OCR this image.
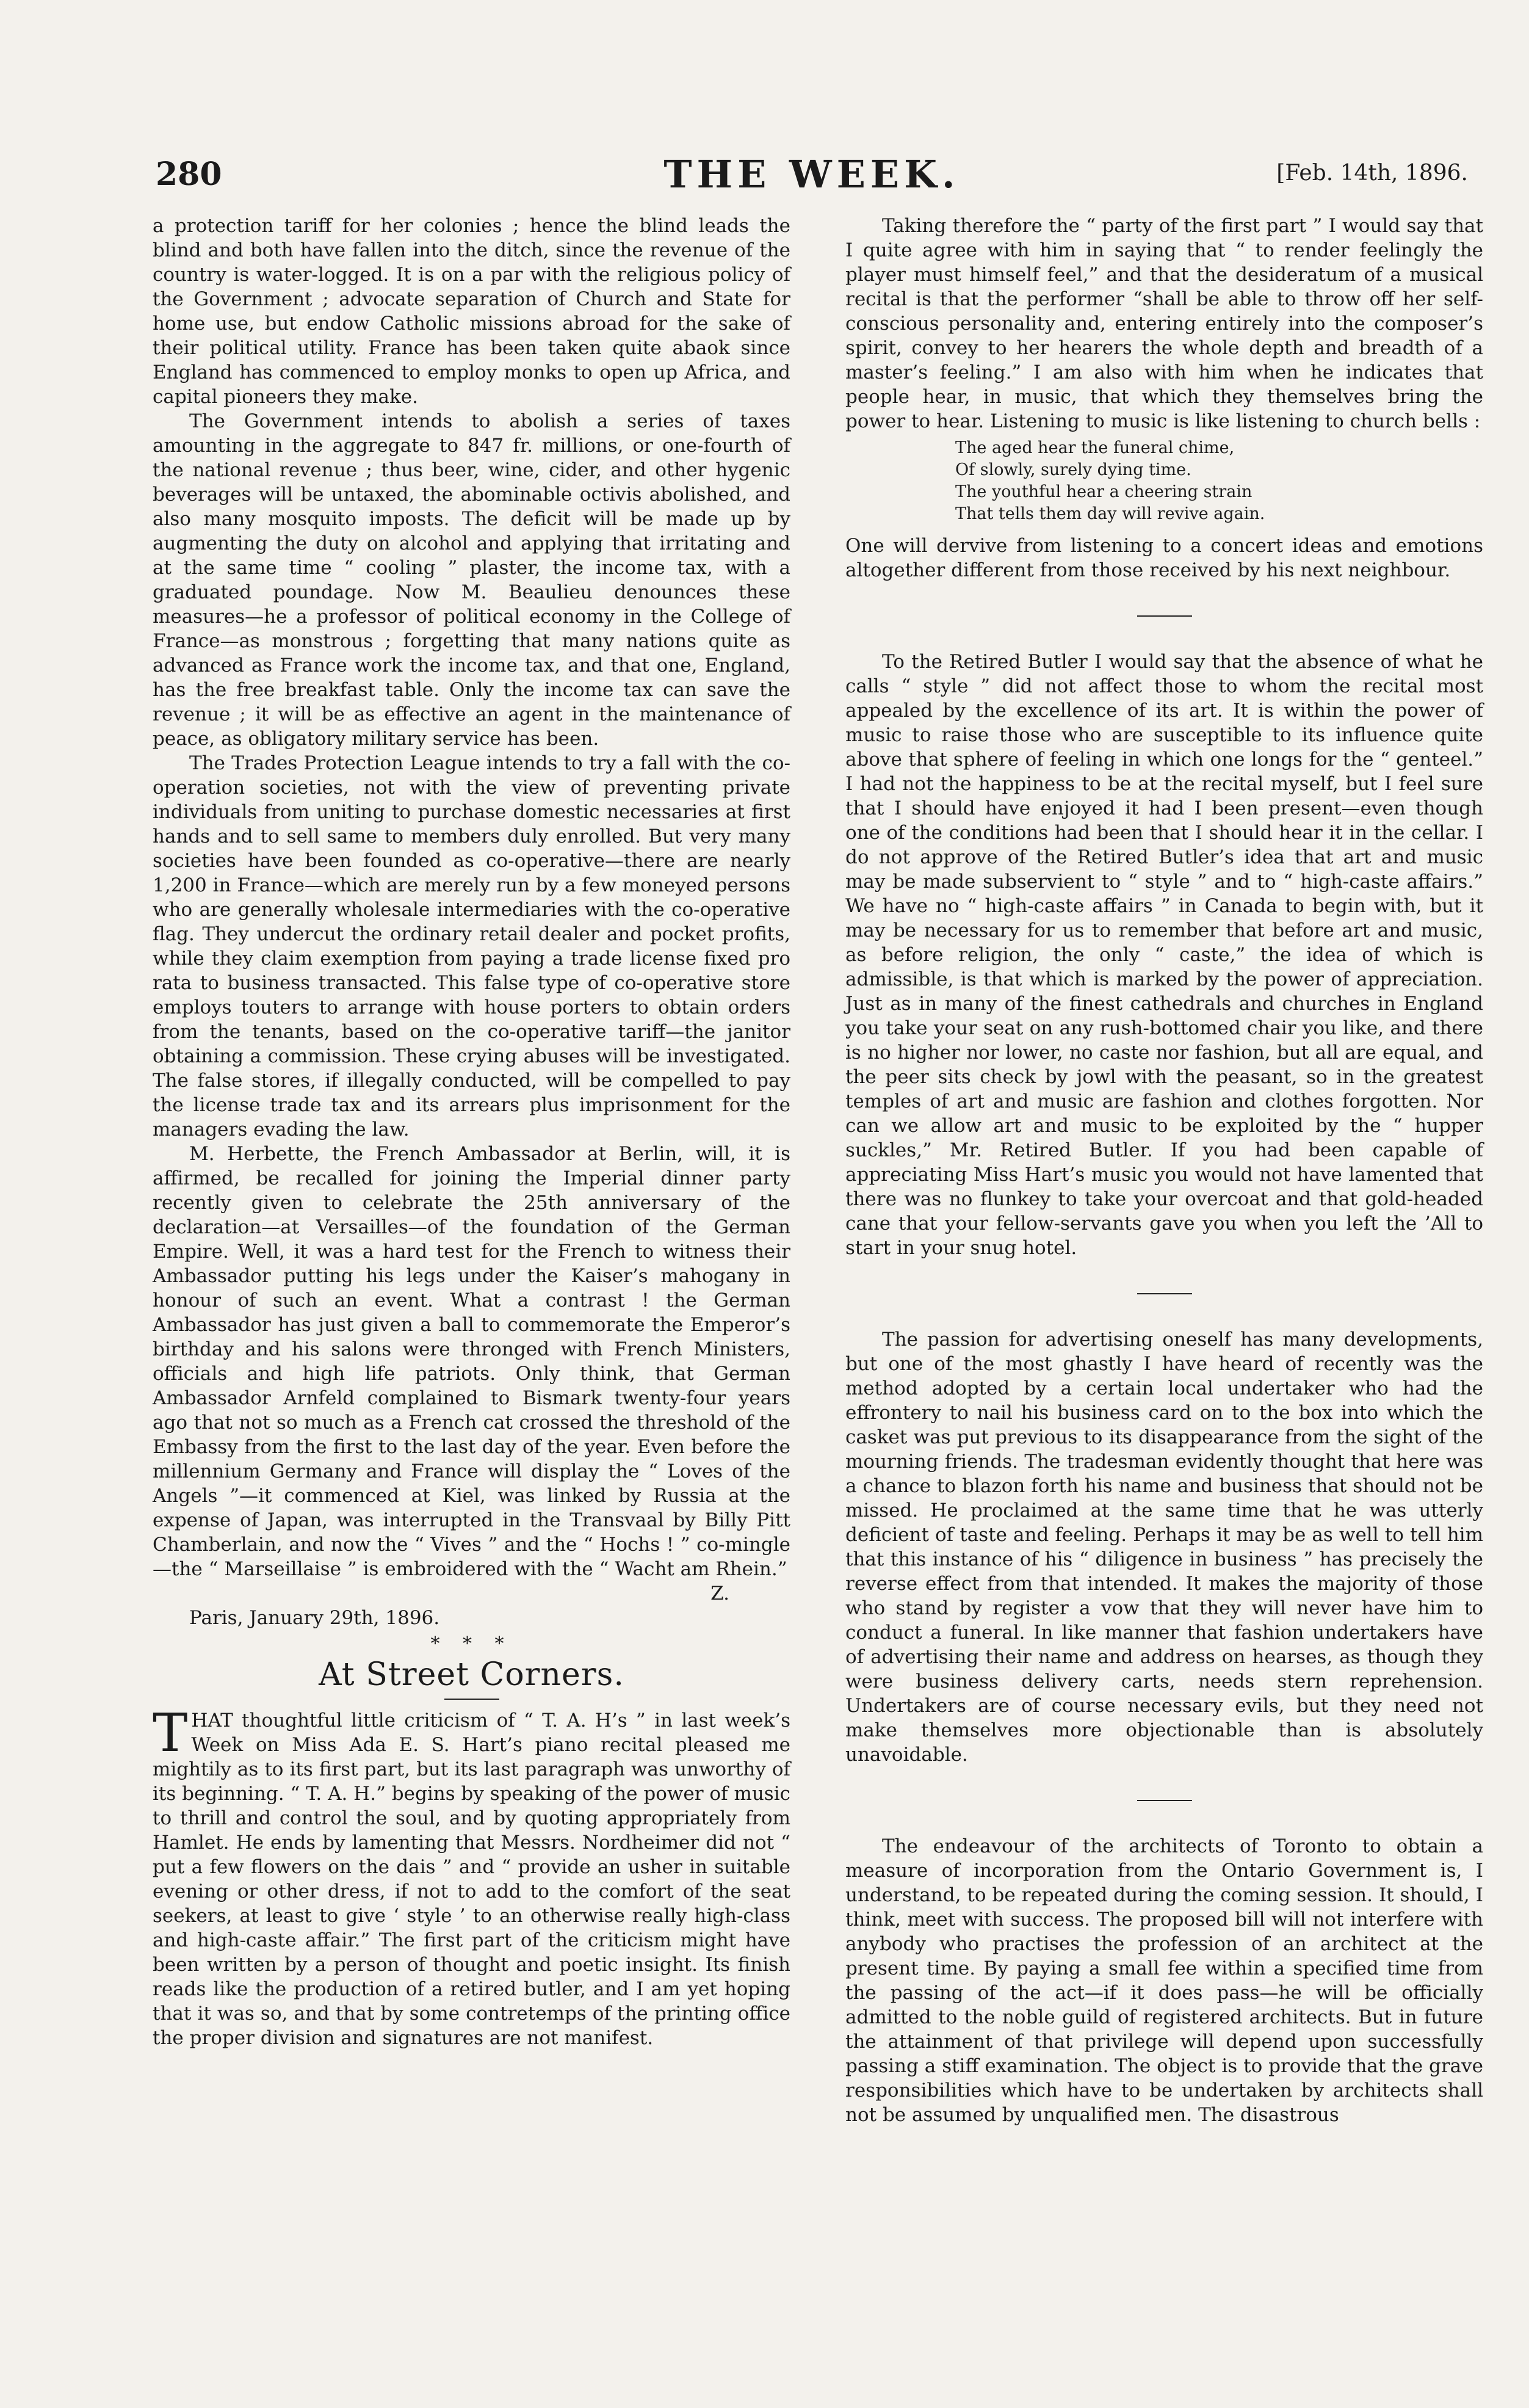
280	THE WEEK.	[Feb. 14th, 1896.

a protection tariff for her colonies ; hence the blind leads the blind and both have fallen into the ditch, since the revenue of the country is water-logged. It is on a par with the religious policy of the Government ; advocate separation of Church and State for home use, but endow Catholic missions abroad for the sake of their political utility. France has been taken quite abaok since England has commenced to employ monks to open up Africa, and capital pioneers they make.

The Government intends to abolish a series of taxes amounting in the aggregate to 847 fr. millions, or one-fourth of the national revenue ; thus beer, wine, cider, and other hygenic beverages will be untaxed, the abominable octivis abolished, and also many mosquito imposts. The deficit will be made up by augmenting the duty on alcohol and applying that irritating and at the same time “ cooling ” plaster, the income tax, with a graduated poundage. Now M. Beaulieu denounces these measures—he a professor of political economy in the College of France—as monstrous ; forgetting that many nations quite as advanced as France work the income tax, and that one, England, has the free breakfast table. Only the income tax can save the revenue ; it will be as effective an agent in the maintenance of peace, as obligatory military service has been.

The Trades Protection League intends to try a fall with the co-operation societies, not with the view of preventing private individuals from uniting to purchase domestic necessaries at first hands and to sell same to members duly enrolled. But very many societies have been founded as co-operative—there are nearly 1,200 in France—which are merely run by a few moneyed persons who are generally wholesale intermediaries with the co-operative flag. They undercut the ordinary retail dealer and pocket profits, while they claim exemption from paying a trade license fixed pro rata to business transacted. This false type of co-operative store employs touters to arrange with house porters to obtain orders from the tenants, based on the co-operative tariff—the janitor obtaining a commission. These crying abuses will be investigated. The false stores, if illegally conducted, will be compelled to pay the license trade tax and its arrears plus imprisonment for the managers evading the law.

M. Herbette, the French Ambassador at Berlin, will, it is affirmed, be recalled for joining the Imperial dinner party recently given to celebrate the 25th anniversary of the declaration—at Versailles—of the foundation of the German Empire. Well, it was a hard test for the French to witness their Ambassador putting his legs under the Kaiser’s mahogany in honour of such an event. What a contrast ! the German Ambassador has just given a ball to commemorate the Emperor’s birthday and his salons were thronged with French Ministers, officials and high life patriots. Only think, that German Ambassador Arnfeld complained to Bismark twenty-four years ago that not so much as a French cat crossed the threshold of the Embassy from the first to the last day of the year. Even before the millennium Germany and France will display the “ Loves of the Angels ”—it commenced at Kiel, was linked by Russia at the expense of Japan, was interrupted in the Transvaal by Billy Pitt Chamberlain, and now the “ Vives ” and the “ Hochs ! ” co-mingle—the “ Marseillaise ” is embroidered with the “ Wacht am Rhein.”

Z.
Paris, January 29th, 1896.
* * *
At Street Corners.

THAT thoughtful little criticism of “ T. A. H’s ” in last week’s Week on Miss Ada E. S. Hart’s piano recital pleased me mightily as to its first part, but its last paragraph was unworthy of its beginning. “ T. A. H.” begins by speaking of the power of music to thrill and control the soul, and by quoting appropriately from Hamlet. He ends by lamenting that Messrs. Nordheimer did not “ put a few flowers on the dais ” and “ provide an usher in suitable evening or other dress, if not to add to the comfort of the seat seekers, at least to give ‘ style ’ to an otherwise really high-class and high-caste affair.” The first part of the criticism might have been written by a person of thought and poetic insight. Its finish reads like the production of a retired butler, and I am yet hoping that it was so, and that by some contretemps of the printing office the proper division and signatures are not manifest.

Taking therefore the “ party of the first part ” I would say that I quite agree with him in saying that “ to render feelingly the player must himself feel,” and that the desideratum of a musical recital is that the performer “shall be able to throw off her self-conscious personality and, entering entirely into the composer’s spirit, convey to her hearers the whole depth and breadth of a master’s feeling.” I am also with him when he indicates that people hear, in music, that which they themselves bring the power to hear. Listening to music is like listening to church bells :

The aged hear the funeral chime,
Of slowly, surely dying time.
The youthful hear a cheering strain
That tells them day will revive again.

One will dervive from listening to a concert ideas and emotions altogether different from those received by his next neighbour.

To the Retired Butler I would say that the absence of what he calls “ style ” did not affect those to whom the recital most appealed by the excellence of its art. It is within the power of music to raise those who are susceptible to its influence quite above that sphere of feeling in which one longs for the “ genteel.” I had not the happiness to be at the recital myself, but I feel sure that I should have enjoyed it had I been present—even though one of the conditions had been that I should hear it in the cellar. I do not approve of the Retired Butler’s idea that art and music may be made subservient to “ style ” and to “ high-caste affairs.” We have no “ high-caste affairs ” in Canada to begin with, but it may be necessary for us to remember that before art and music, as before religion, the only “ caste,” the idea of which is admissible, is that which is marked by the power of appreciation. Just as in many of the finest cathedrals and churches in England you take your seat on any rush-bottomed chair you like, and there is no higher nor lower, no caste nor fashion, but all are equal, and the peer sits check by jowl with the peasant, so in the greatest temples of art and music are fashion and clothes forgotten. Nor can we allow art and music to be exploited by the “ hupper suckles,” Mr. Retired Butler. If you had been capable of appreciating Miss Hart’s music you would not have lamented that there was no flunkey to take your overcoat and that gold-headed cane that your fellow-servants gave you when you left the ’All to start in your snug hotel.

The passion for advertising oneself has many developments, but one of the most ghastly I have heard of recently was the method adopted by a certain local undertaker who had the effrontery to nail his business card on to the box into which the casket was put previous to its disappearance from the sight of the mourning friends. The tradesman evidently thought that here was a chance to blazon forth his name and business that should not be missed. He proclaimed at the same time that he was utterly deficient of taste and feeling. Perhaps it may be as well to tell him that this instance of his “ diligence in business ” has precisely the reverse effect from that intended. It makes the majority of those who stand by register a vow that they will never have him to conduct a funeral. In like manner that fashion undertakers have of advertising their name and address on hearses, as though they were business delivery carts, needs stern reprehension. Undertakers are of course necessary evils, but they need not make themselves more objectionable than is absolutely unavoidable.

The endeavour of the architects of Toronto to obtain a measure of incorporation from the Ontario Government is, I understand, to be repeated during the coming session. It should, I think, meet with success. The proposed bill will not interfere with anybody who practises the profession of an architect at the present time. By paying a small fee within a specified time from the passing of the act—if it does pass—he will be officially admitted to the noble guild of registered architects. But in future the attainment of that privilege will depend upon successfully passing a stiff examination. The object is to provide that the grave responsibilities which have to be undertaken by architects shall not be assumed by unqualified men. The disastrous
